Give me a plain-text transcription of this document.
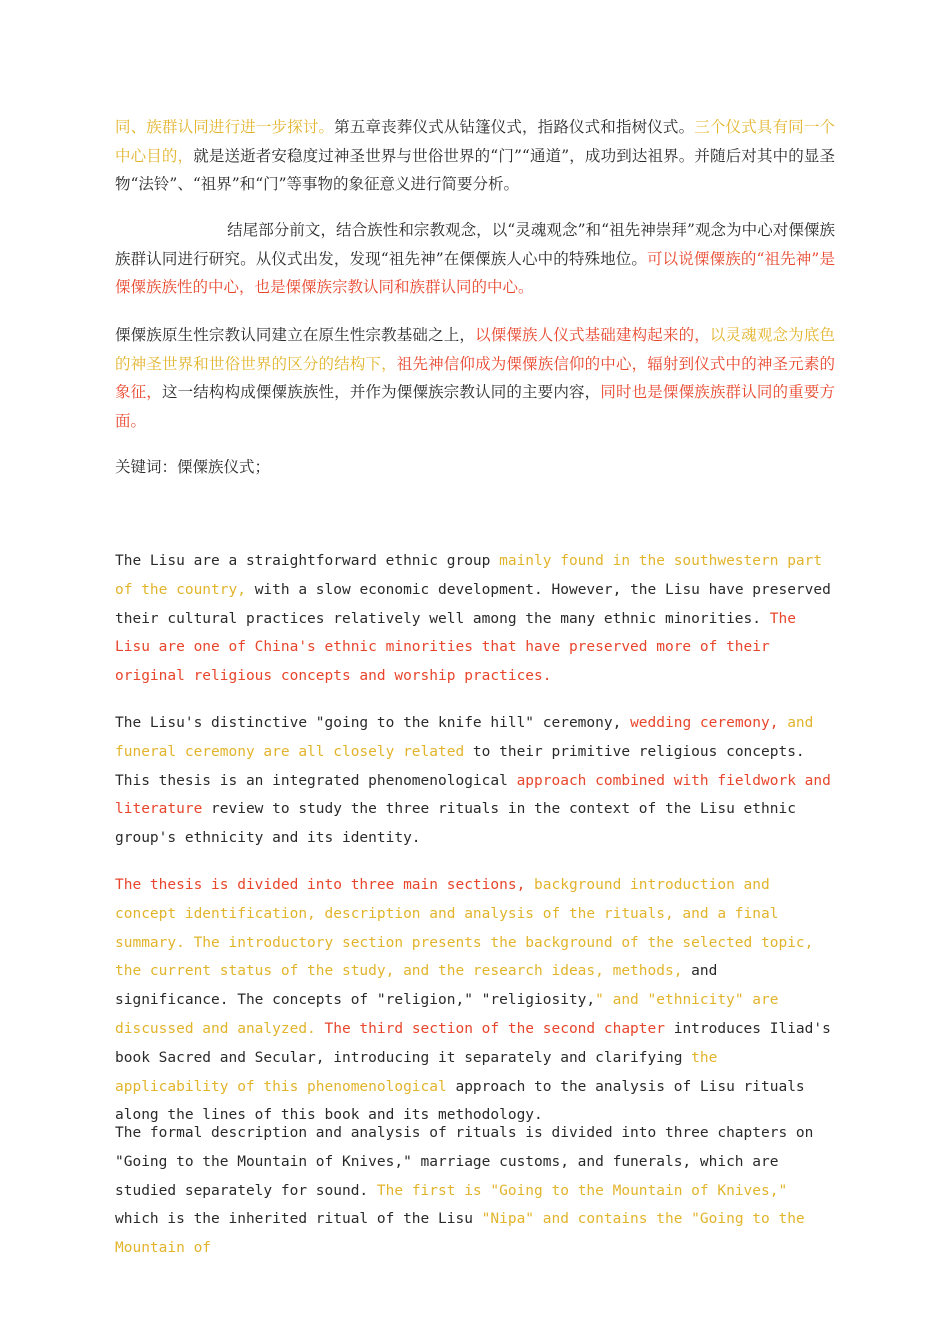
同、族群认同进行进一步探讨。第五章丧葬仪式从钻篷仪式，指路仪式和指树仪式。三个仪式具有同一个中心目的，就是送逝者安稳度过神圣世界与世俗世界的“门”“通道”，成功到达祖界。并随后对其中的显圣物“法铃”、“祖界”和“门”等事物的象征意义进行简要分析。

结尾部分前文，结合族性和宗教观念，以“灵魂观念”和“祖先神崇拜”观念为中心对傈僳族族群认同进行研究。从仪式出发，发现“祖先神”在傈僳族人心中的特殊地位。可以说傈僳族的“祖先神”是傈僳族族性的中心，也是傈僳族宗教认同和族群认同的中心。

傈僳族原生性宗教认同建立在原生性宗教基础之上，以傈僳族人仪式基础建构起来的，以灵魂观念为底色的神圣世界和世俗世界的区分的结构下，祖先神信仰成为傈僳族信仰的中心，辐射到仪式中的神圣元素的象征，这一结构构成傈僳族族性，并作为傈僳族宗教认同的主要内容，同时也是傈僳族族群认同的重要方面。

关键词：傈僳族仪式；

The Lisu are a straightforward ethnic group mainly found in the southwestern part of the country, with a slow economic development. However, the Lisu have preserved their cultural practices relatively well among the many ethnic minorities. The Lisu are one of China's ethnic minorities that have preserved more of their original religious concepts and worship practices.

The Lisu's distinctive "going to the knife hill" ceremony, wedding ceremony, and funeral ceremony are all closely related to their primitive religious concepts. This thesis is an integrated phenomenological approach combined with fieldwork and literature review to study the three rituals in the context of the Lisu ethnic group's ethnicity and its identity.

The thesis is divided into three main sections, background introduction and concept identification, description and analysis of the rituals, and a final summary. The introductory section presents the background of the selected topic, the current status of the study, and the research ideas, methods, and significance. The concepts of "religion," "religiosity," and "ethnicity" are discussed and analyzed. The third section of the second chapter introduces Iliad's book Sacred and Secular, introducing it separately and clarifying the applicability of this phenomenological approach to the analysis of Lisu rituals along the lines of this book and its methodology.

The formal description and analysis of rituals is divided into three chapters on "Going to the Mountain of Knives," marriage customs, and funerals, which are studied separately for sound. The first is "Going to the Mountain of Knives," which is the inherited ritual of the Lisu "Nipa" and contains the "Going to the Mountain of
